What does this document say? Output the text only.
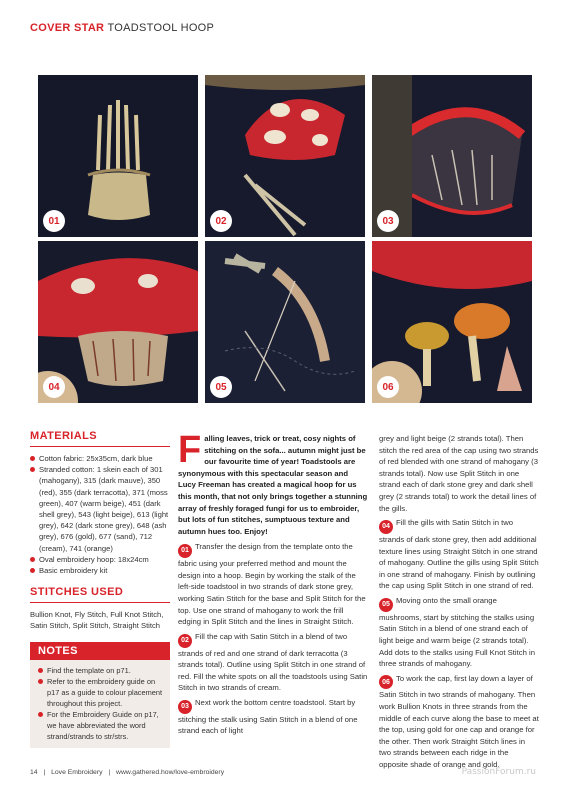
COVER STAR TOADSTOOL HOOP
01	02	03
04	05	06
MATERIALS
Cotton fabric: 25x35cm, dark blue
Stranded cotton: 1 skein each of 301 (mahogany), 315 (dark mauve), 350 (red), 355 (dark terracotta), 371 (moss green), 407 (warm beige), 451 (dark shell grey), 543 (light beige), 613 (light grey), 642 (dark stone grey), 648 (ash grey), 676 (gold), 677 (sand), 712 (cream), 741 (orange)
Oval embroidery hoop: 18x24cm
Basic embroidery kit
STITCHES USED
Bullion Knot, Fly Stitch, Full Knot Stitch, Satin Stitch, Split Stitch, Straight Stitch
NOTES
Find the template on p71.
Refer to the embroidery guide on p17 as a guide to colour placement throughout this project.
For the Embroidery Guide on p17, we have abbreviated the word strand/strands to str/strs.

Falling leaves, trick or treat, cosy nights of stitching on the sofa... autumn might just be our favourite time of year! Toadstools are synonymous with this spectacular season and Lucy Freeman has created a magical hoop for us this month, that not only brings together a stunning array of freshly foraged fungi for us to embroider, but lots of fun stitches, sumptuous texture and autumn hues too. Enjoy!

01 Transfer the design from the template onto the fabric using your preferred method and mount the design into a hoop. Begin by working the stalk of the left-side toadstool in two strands of dark stone grey, working Satin Stitch for the base and Split Stitch for the top. Use one strand of mahogany to work the frill edging in Split Stitch and the lines in Straight Stitch.

02 Fill the cap with Satin Stitch in a blend of two strands of red and one strand of dark terracotta (3 strands total). Outline using Split Stitch in one strand of red. Fill the white spots on all the toadstools using Satin Stitch in two strands of cream.

03 Next work the bottom centre toadstool. Start by stitching the stalk using Satin Stitch in a blend of one strand each of light

grey and light beige (2 strands total). Then stitch the red area of the cap using two strands of red blended with one strand of mahogany (3 strands total). Now use Split Stitch in one strand each of dark stone grey and dark shell grey (2 strands total) to work the detail lines of the gills.

04 Fill the gills with Satin Stitch in two strands of dark stone grey, then add additional texture lines using Straight Stitch in one strand of mahogany. Outline the gills using Split Stitch in one strand of mahogany. Finish by outlining the cap using Split Stitch in one strand of red.

05 Moving onto the small orange mushrooms, start by stitching the stalks using Satin Stitch in a blend of one strand each of light beige and warm beige (2 strands total). Add dots to the stalks using Full Knot Stitch in three strands of mahogany.

06 To work the cap, first lay down a layer of Satin Stitch in two strands of mahogany. Then work Bullion Knots in three strands from the middle of each curve along the base to meet at the top, using gold for one cap and orange for the other. Then work Straight Stitch lines in two strands between each ridge in the opposite shade of orange and gold.

14 | Love Embroidery | www.gathered.how/love-embroidery	PassionForum.ru
